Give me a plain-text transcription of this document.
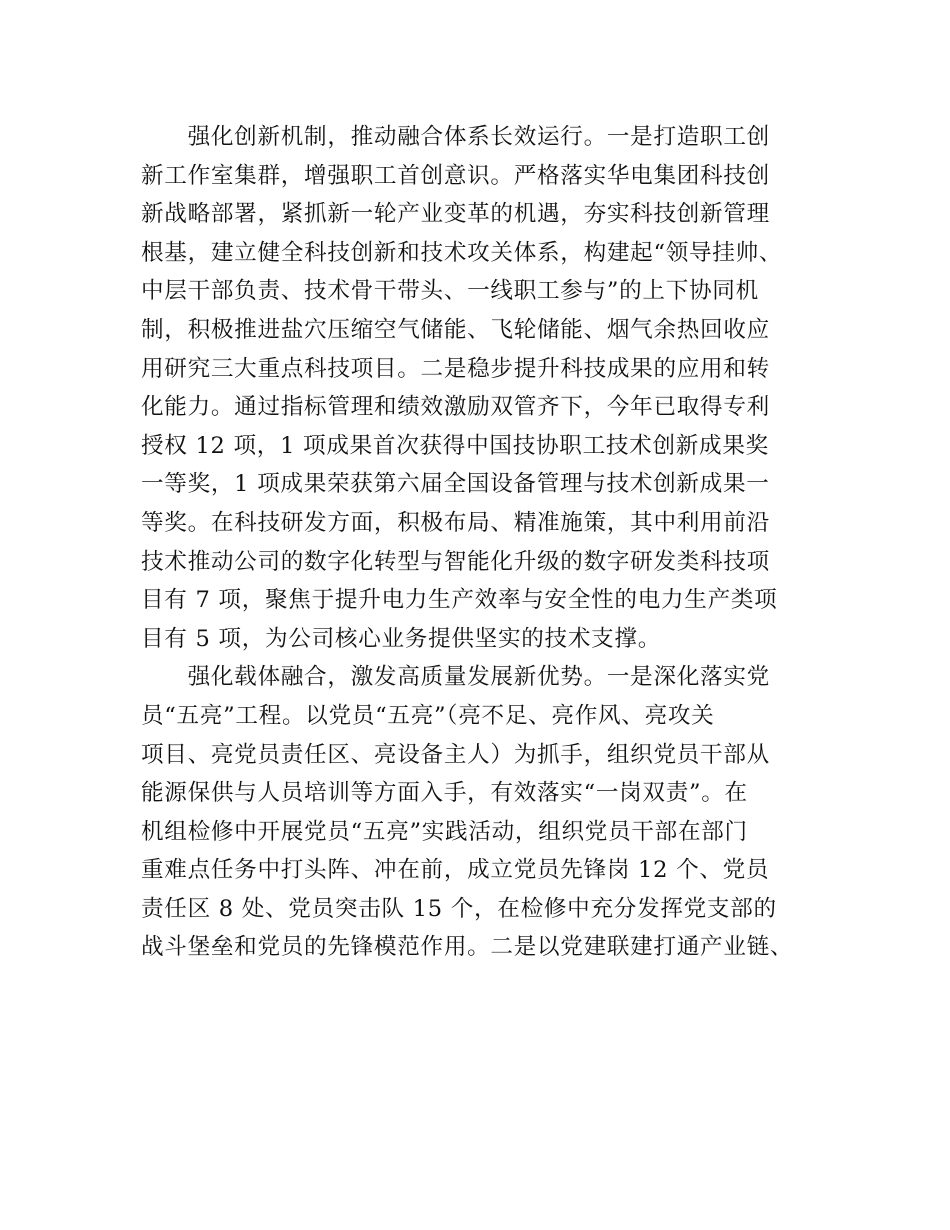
　　强化创新机制，推动融合体系长效运行。一是打造职工创
新工作室集群，增强职工首创意识。严格落实华电集团科技创
新战略部署，紧抓新一轮产业变革的机遇，夯实科技创新管理
根基，建立健全科技创新和技术攻关体系，构建起“领导挂帅、
中层干部负责、技术骨干带头、一线职工参与”的上下协同机
制，积极推进盐穴压缩空气储能、飞轮储能、烟气余热回收应
用研究三大重点科技项目。二是稳步提升科技成果的应用和转
化能力。通过指标管理和绩效激励双管齐下，今年已取得专利
授权 12 项，1 项成果首次获得中国技协职工技术创新成果奖
一等奖，1 项成果荣获第六届全国设备管理与技术创新成果一
等奖。在科技研发方面，积极布局、精准施策，其中利用前沿
技术推动公司的数字化转型与智能化升级的数字研发类科技项
目有 7 项，聚焦于提升电力生产效率与安全性的电力生产类项
目有 5 项，为公司核心业务提供坚实的技术支撑。
　　强化载体融合，激发高质量发展新优势。一是深化落实党
员“五亮”工程。以党员“五亮”（亮不足、亮作风、亮攻关
项目、亮党员责任区、亮设备主人）为抓手，组织党员干部从
能源保供与人员培训等方面入手，有效落实“一岗双责”。在
机组检修中开展党员“五亮”实践活动，组织党员干部在部门
重难点任务中打头阵、冲在前，成立党员先锋岗 12 个、党员
责任区 8 处、党员突击队 15 个，在检修中充分发挥党支部的
战斗堡垒和党员的先锋模范作用。二是以党建联建打通产业链、
